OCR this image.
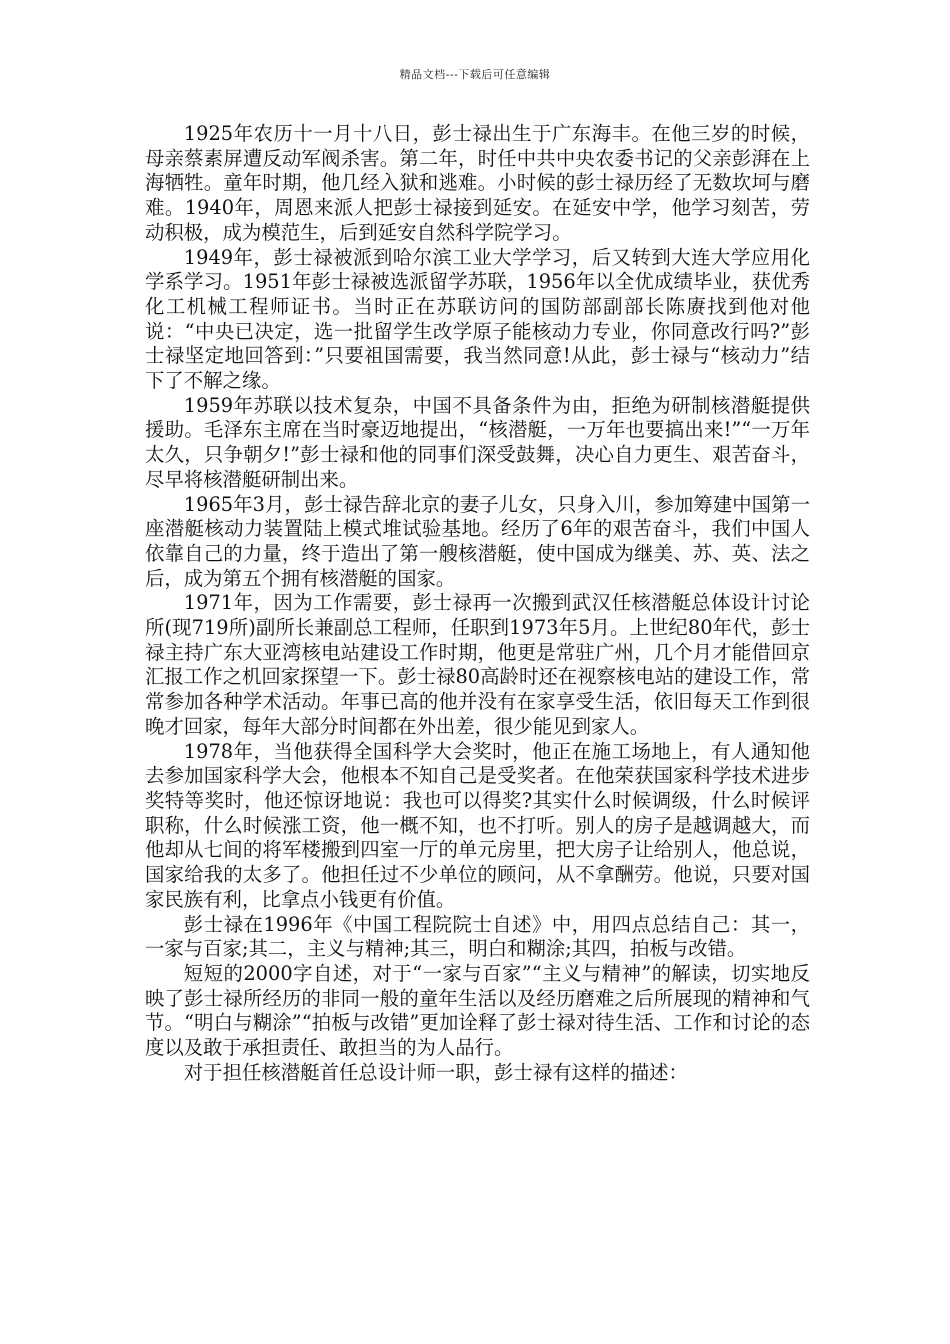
精品文档---下载后可任意编辑

1925年农历十一月十八日，彭士禄出生于广东海丰。在他三岁的时候，母亲蔡素屏遭反动军阀杀害。第二年，时任中共中央农委书记的父亲彭湃在上海牺牲。童年时期，他几经入狱和逃难。小时候的彭士禄历经了无数坎坷与磨难。1940年，周恩来派人把彭士禄接到延安。在延安中学，他学习刻苦，劳动积极，成为模范生，后到延安自然科学院学习。

1949年，彭士禄被派到哈尔滨工业大学学习，后又转到大连大学应用化学系学习。1951年彭士禄被选派留学苏联，1956年以全优成绩毕业，获优秀化工机械工程师证书。当时正在苏联访问的国防部副部长陈赓找到他对他说：“中央已决定，选一批留学生改学原子能核动力专业，你同意改行吗?”彭士禄坚定地回答到：”只要祖国需要，我当然同意!从此，彭士禄与“核动力”结下了不解之缘。

1959年苏联以技术复杂，中国不具备条件为由，拒绝为研制核潜艇提供援助。毛泽东主席在当时豪迈地提出，“核潜艇，一万年也要搞出来!”“一万年太久，只争朝夕!”彭士禄和他的同事们深受鼓舞，决心自力更生、艰苦奋斗，尽早将核潜艇研制出来。

1965年3月，彭士禄告辞北京的妻子儿女，只身入川，参加筹建中国第一座潜艇核动力装置陆上模式堆试验基地。经历了6年的艰苦奋斗，我们中国人依靠自己的力量，终于造出了第一艘核潜艇，使中国成为继美、苏、英、法之后，成为第五个拥有核潜艇的国家。

1971年，因为工作需要，彭士禄再一次搬到武汉任核潜艇总体设计讨论所(现719所)副所长兼副总工程师，任职到1973年5月。上世纪80年代，彭士禄主持广东大亚湾核电站建设工作时期，他更是常驻广州，几个月才能借回京汇报工作之机回家探望一下。彭士禄80高龄时还在视察核电站的建设工作，常常参加各种学术活动。年事已高的他并没有在家享受生活，依旧每天工作到很晚才回家，每年大部分时间都在外出差，很少能见到家人。

1978年，当他获得全国科学大会奖时，他正在施工场地上，有人通知他去参加国家科学大会，他根本不知自己是受奖者。在他荣获国家科学技术进步奖特等奖时，他还惊讶地说：我也可以得奖?其实什么时候调级，什么时候评职称，什么时候涨工资，他一概不知，也不打听。别人的房子是越调越大，而他却从七间的将军楼搬到四室一厅的单元房里，把大房子让给别人，他总说，国家给我的太多了。他担任过不少单位的顾问，从不拿酬劳。他说，只要对国家民族有利，比拿点小钱更有价值。

彭士禄在1996年《中国工程院院士自述》中，用四点总结自己：其一，一家与百家;其二，主义与精神;其三，明白和糊涂;其四，拍板与改错。

短短的2000字自述，对于“一家与百家”“主义与精神”的解读，切实地反映了彭士禄所经历的非同一般的童年生活以及经历磨难之后所展现的精神和气节。“明白与糊涂”“拍板与改错”更加诠释了彭士禄对待生活、工作和讨论的态度以及敢于承担责任、敢担当的为人品行。

对于担任核潜艇首任总设计师一职，彭士禄有这样的描述：
